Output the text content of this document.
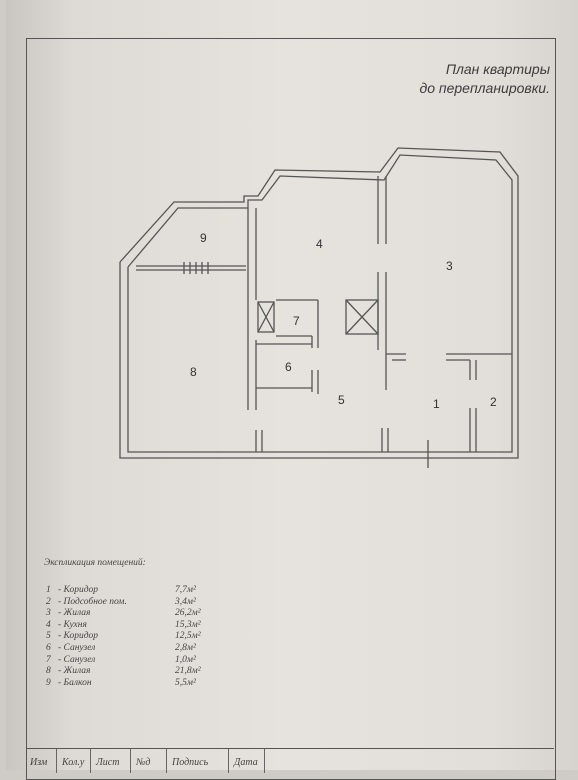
План квартиры
до перепланировки.
1	2
3
4
5
6
7
8
9
Экспликация помещений:
1 - Коридор	7,7м²
2 - Подсобное пом.	3,4м²
3 - Жилая	26,2м²
4 - Кухня	15,3м²
5 - Коридор	12,5м²
6 - Санузел	2,8м²
7 - Санузел	1,0м²
8 - Жилая	21,8м²
9 - Балкон	5,5м²
Изм Кол.у Лист №д Подпись	Дата
